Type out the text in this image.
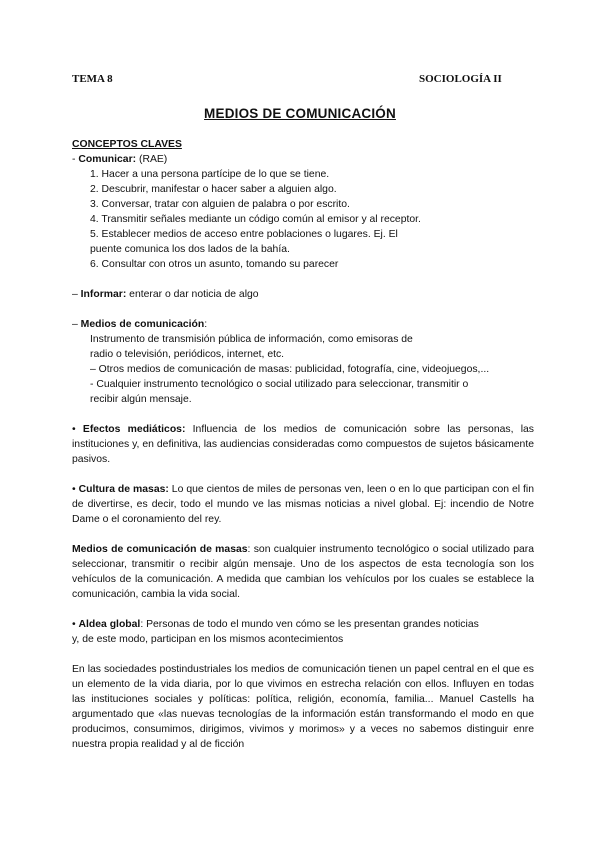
TEMA 8	SOCIOLOGÍA II
MEDIOS DE COMUNICACIÓN
CONCEPTOS CLAVES

- Comunicar: (RAE)

1. Hacer a una persona partícipe de lo que se tiene.
2. Descubrir, manifestar o hacer saber a alguien algo.
3. Conversar, tratar con alguien de palabra o por escrito.
4. Transmitir señales mediante un código común al emisor y al receptor.
5. Establecer medios de acceso entre poblaciones o lugares. Ej. El
puente comunica los dos lados de la bahía.
6. Consultar con otros un asunto, tomando su parecer

– Informar: enterar o dar noticia de algo

– Medios de comunicación:

Instrumento de transmisión pública de información, como emisoras de
radio o televisión, periódicos, internet, etc.
– Otros medios de comunicación de masas: publicidad, fotografía, cine, videojuegos,...
- Cualquier instrumento tecnológico o social utilizado para seleccionar, transmitir o
recibir algún mensaje.

• Efectos mediáticos: Influencia de los medios de comunicación sobre las personas, las instituciones y, en definitiva, las audiencias consideradas como compuestos de sujetos básicamente pasivos.

• Cultura de masas: Lo que cientos de miles de personas ven, leen o en lo que participan con el fin de divertirse, es decir, todo el mundo ve las mismas noticias a nivel global. Ej: incendio de Notre Dame o el coronamiento del rey.

Medios de comunicación de masas: son cualquier instrumento tecnológico o social utilizado para seleccionar, transmitir o recibir algún mensaje. Uno de los aspectos de esta tecnología son los vehículos de la comunicación. A medida que cambian los vehículos por los cuales se establece la comunicación, cambia la vida social.

• Aldea global: Personas de todo el mundo ven cómo se les presentan grandes noticias

y, de este modo, participan en los mismos acontecimientos

En las sociedades postindustriales los medios de comunicación tienen un papel central en el que es un elemento de la vida diaria, por lo que vivimos en estrecha relación con ellos. Influyen en todas las instituciones sociales y políticas: política, religión, economía, familia... Manuel Castells ha argumentado que «las nuevas tecnologías de la información están transformando el modo en que producimos, consumimos, dirigimos, vivimos y morimos» y a veces no sabemos distinguir enre nuestra propia realidad y al de ficción
